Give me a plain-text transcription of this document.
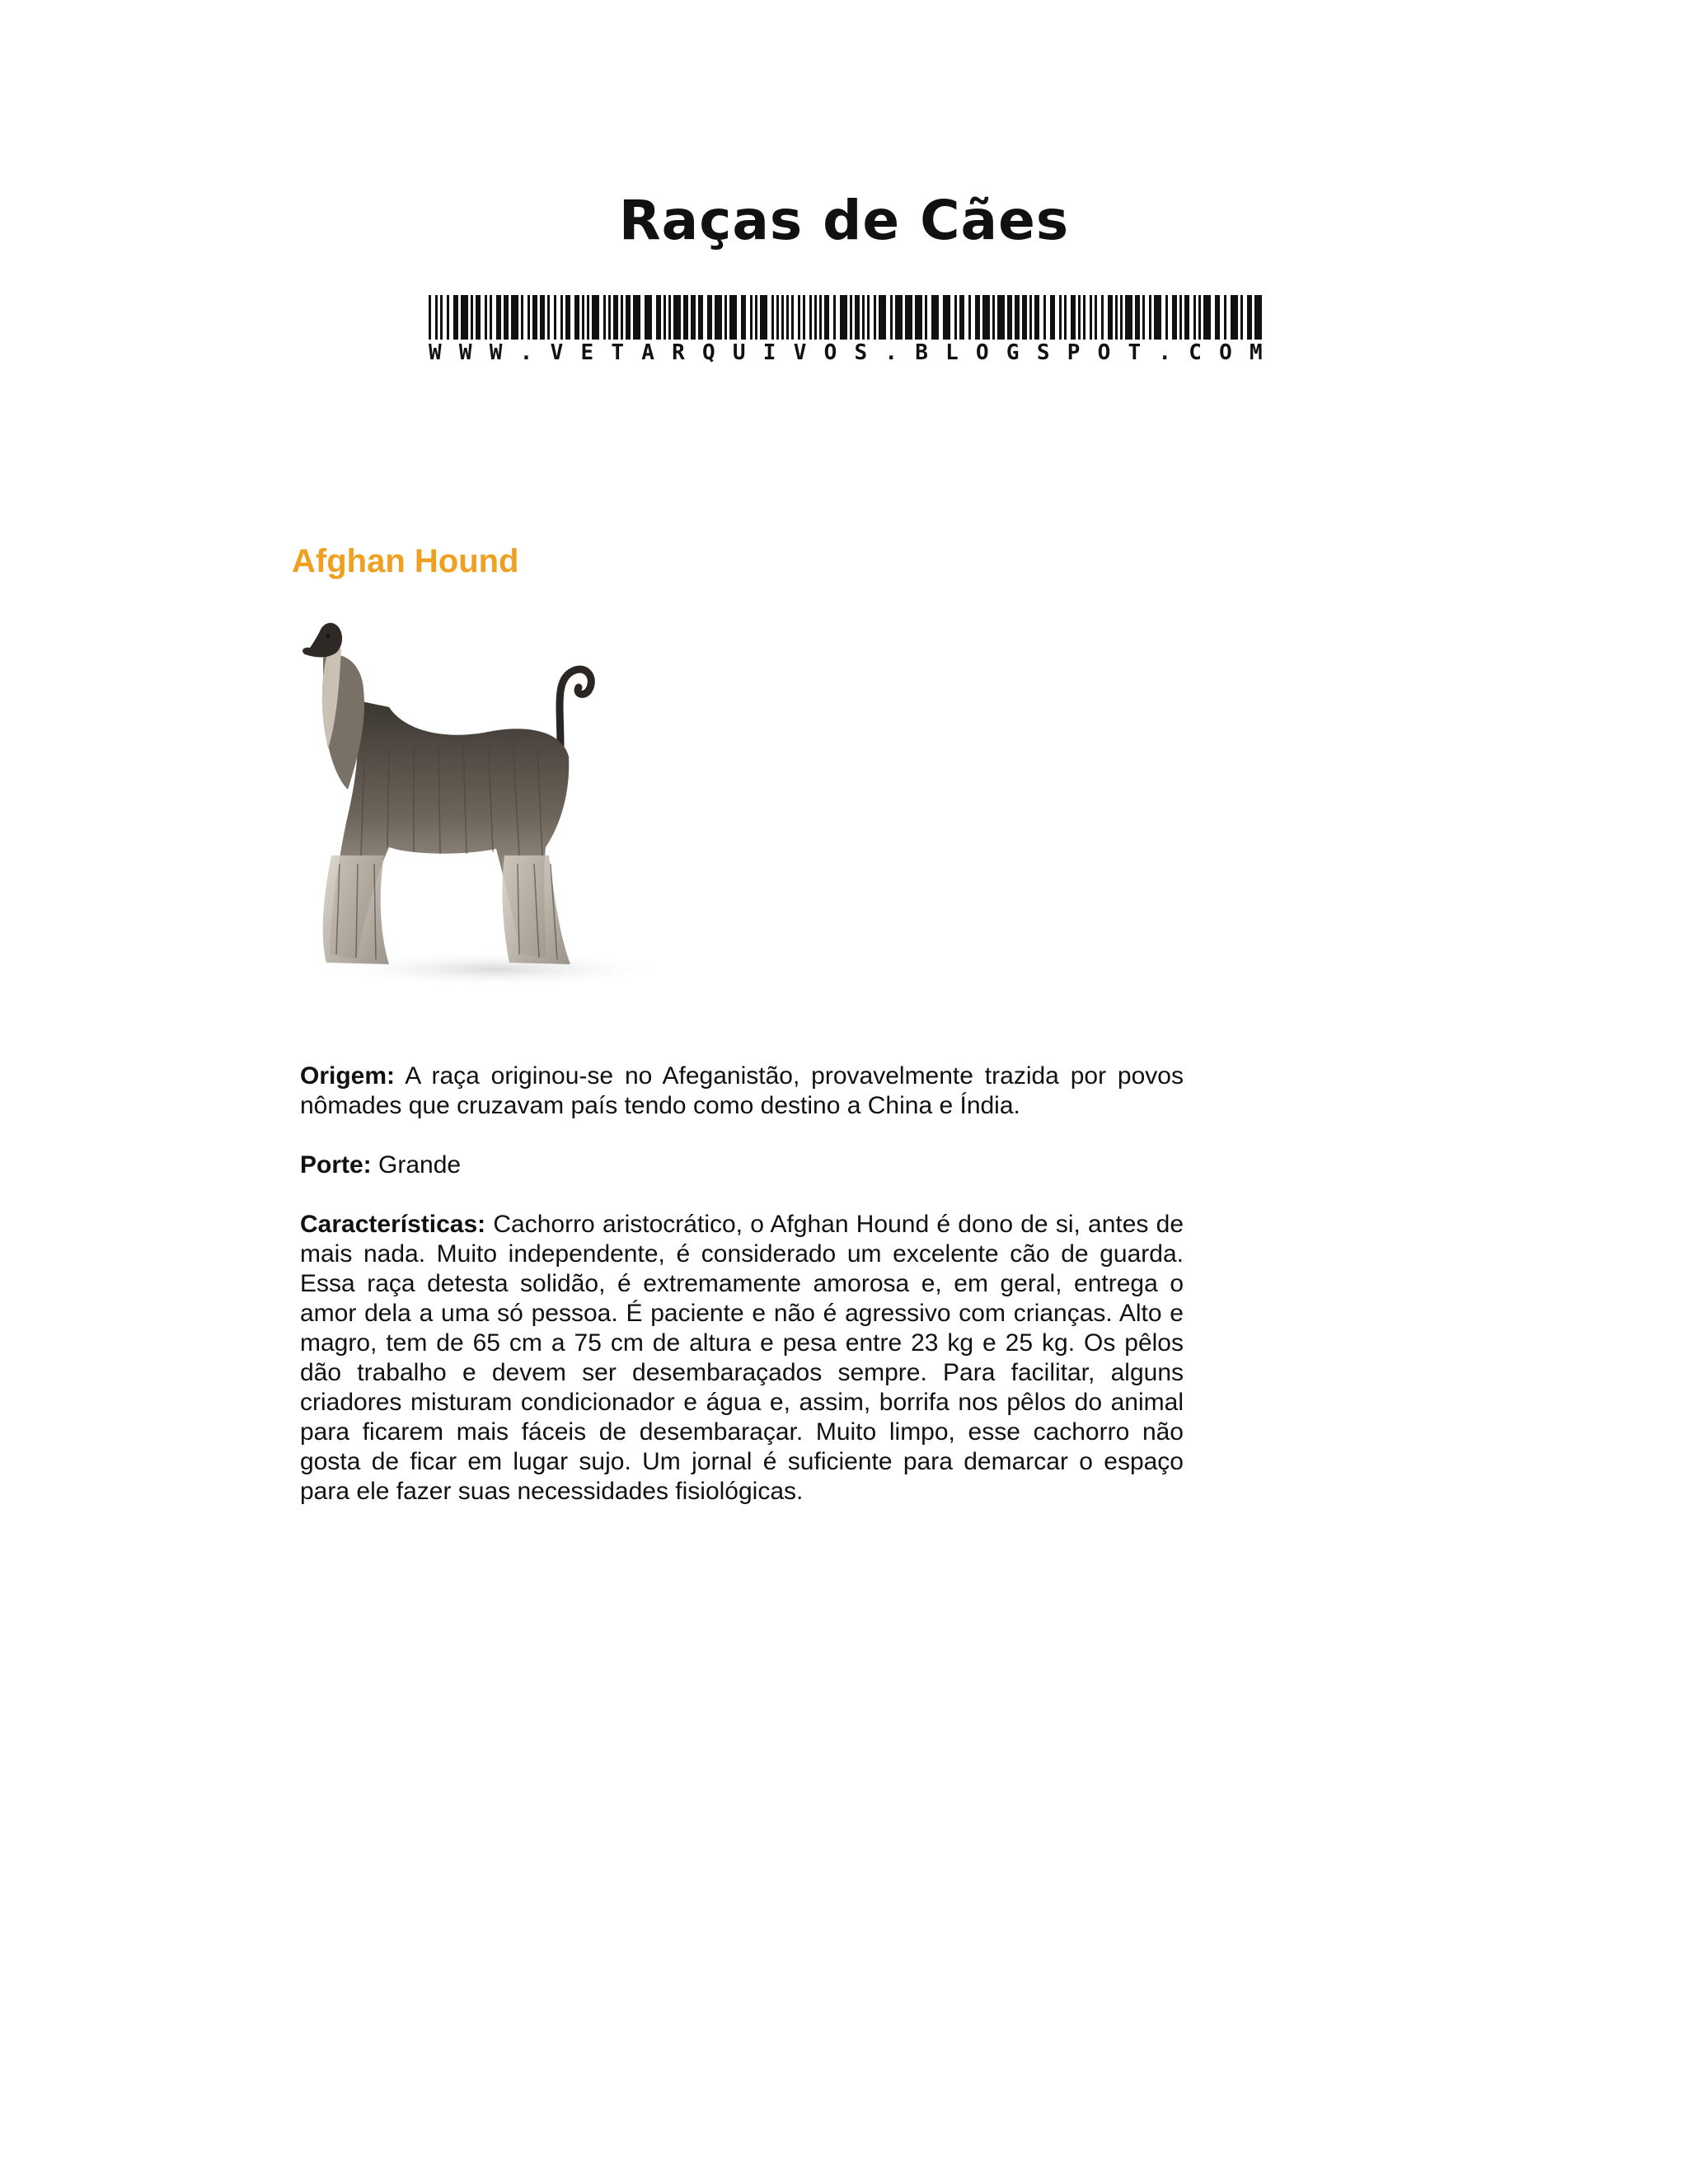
Raças de Cães
W W W . V E T A R Q U I V O S . B L O G S P O T . C O M
Afghan Hound

Origem: A raça originou-se no Afeganistão, provavelmente trazida por povos nômades que cruzavam país tendo como destino a China e Índia.

Porte: Grande

Características: Cachorro aristocrático, o Afghan Hound é dono de si, antes de mais nada. Muito independente, é considerado um excelente cão de guarda. Essa raça detesta solidão, é extremamente amorosa e, em geral, entrega o amor dela a uma só pessoa. É paciente e não é agressivo com crianças. Alto e magro, tem de 65 cm a 75 cm de altura e pesa entre 23 kg e 25 kg. Os pêlos dão trabalho e devem ser desembaraçados sempre. Para facilitar, alguns criadores misturam condicionador e água e, assim, borrifa nos pêlos do animal para ficarem mais fáceis de desembaraçar. Muito limpo, esse cachorro não gosta de ficar em lugar sujo. Um jornal é suficiente para demarcar o espaço para ele fazer suas necessidades fisiológicas.
